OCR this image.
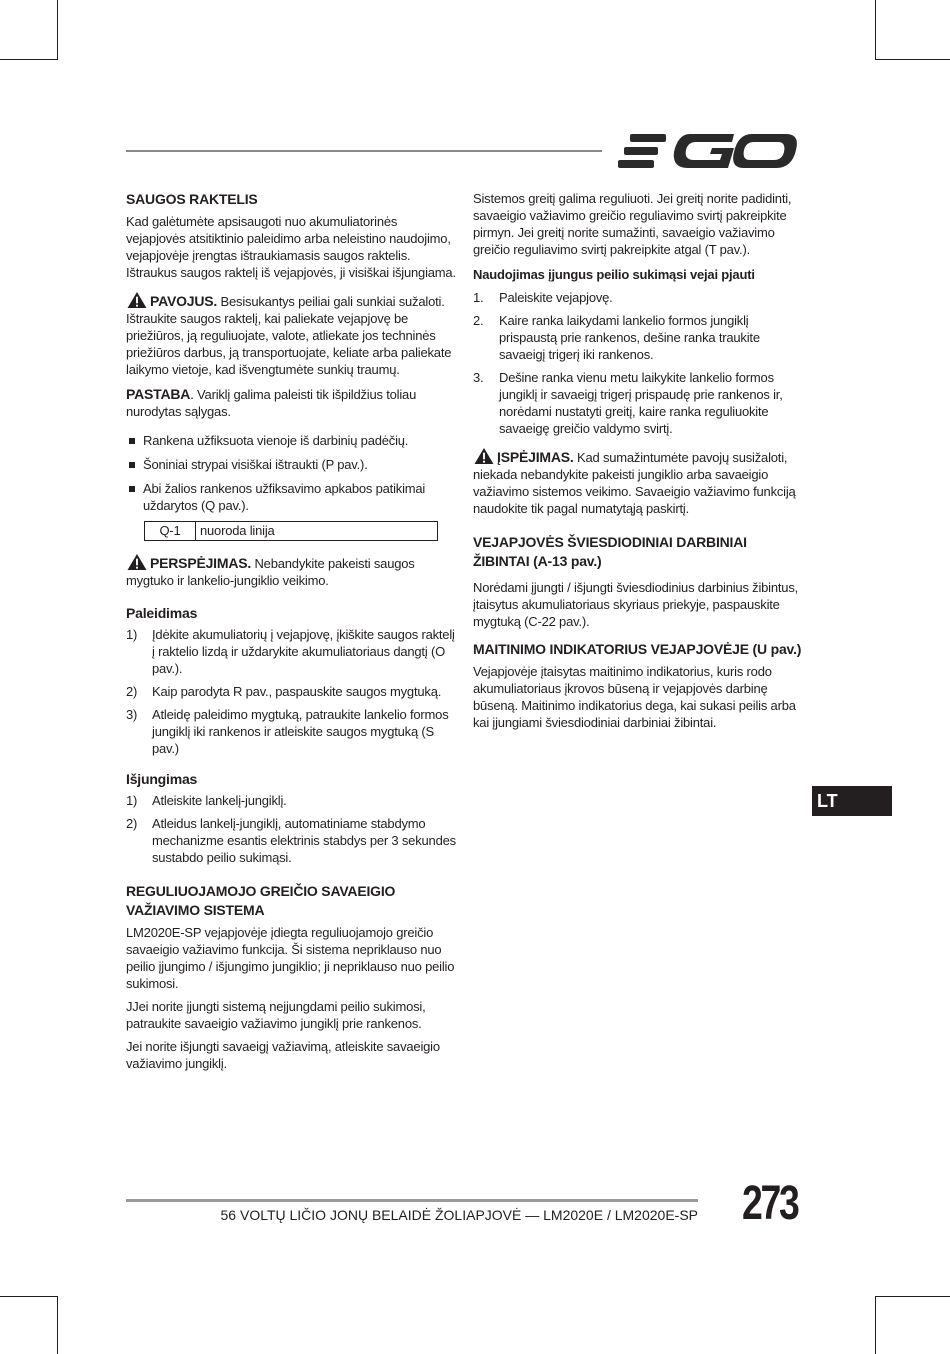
SAUGOS RAKTELIS
Kad galėtumėte apsisaugoti nuo akumuliatorinės vejapjovės atsitiktinio paleidimo arba neleistino naudojimo, vejapjovėje įrengtas ištraukiamasis saugos raktelis. Ištraukus saugos raktelį iš vejapjovės, ji visiškai išjungiama.
PAVOJUS. Besisukantys peiliai gali sunkiai sužaloti. Ištraukite saugos raktelį, kai paliekate vejapjovę be priežiūros, ją reguliuojate, valote, atliekate jos techninės priežiūros darbus, ją transportuojate, keliate arba paliekate laikymo vietoje, kad išvengtumėte sunkių traumų.
PASTABA. Variklį galima paleisti tik išpildžius toliau nurodytas sąlygas.
Rankena užfiksuota vienoje iš darbinių padėčių.
Šoniniai strypai visiškai ištraukti (P pav.).
Abi žalios rankenos užfiksavimo apkabos patikimai uždarytos (Q pav.).
Q-1	nuoroda linija
PERSPĖJIMAS. Nebandykite pakeisti saugos mygtuko ir lankelio-jungiklio veikimo.
Paleidimas
1) Įdėkite akumuliatorių į vejapjovę, įkiškite saugos raktelį į raktelio lizdą ir uždarykite akumuliatoriaus dangtį (O pav.).
2) Kaip parodyta R pav., paspauskite saugos mygtuką.
3) Atleidę paleidimo mygtuką, patraukite lankelio formos jungiklį iki rankenos ir atleiskite saugos mygtuką (S pav.)
Išjungimas
1) Atleiskite lankelį-jungiklį.
2) Atleidus lankelį-jungiklį, automatiniame stabdymo mechanizme esantis elektrinis stabdys per 3 sekundes sustabdo peilio sukimąsi.
REGULIUOJAMOJO GREIČIO SAVAEIGIO VAŽIAVIMO SISTEMA
LM2020E-SP vejapjovėje įdiegta reguliuojamojo greičio savaeigio važiavimo funkcija. Ši sistema nepriklauso nuo peilio įjungimo / išjungimo jungiklio; ji nepriklauso nuo peilio sukimosi.
JJei norite įjungti sistemą neįjungdami peilio sukimosi, patraukite savaeigio važiavimo jungiklį prie rankenos.
Jei norite išjungti savaeigį važiavimą, atleiskite savaeigio važiavimo jungiklį.
Sistemos greitį galima reguliuoti. Jei greitį norite padidinti, savaeigio važiavimo greičio reguliavimo svirtį pakreipkite pirmyn. Jei greitį norite sumažinti, savaeigio važiavimo greičio reguliavimo svirtį pakreipkite atgal (T pav.).
Naudojimas įjungus peilio sukimąsi vejai pjauti
1. Paleiskite vejapjovę.
2. Kaire ranka laikydami lankelio formos jungiklį prispaustą prie rankenos, dešine ranka traukite savaeigį trigerį iki rankenos.
3. Dešine ranka vienu metu laikykite lankelio formos jungiklį ir savaeigį trigerį prispaudę prie rankenos ir, norėdami nustatyti greitį, kaire ranka reguliuokite savaeigę greičio valdymo svirtį.
ĮSPĖJIMAS. Kad sumažintumėte pavojų susižaloti, niekada nebandykite pakeisti jungiklio arba savaeigio važiavimo sistemos veikimo. Savaeigio važiavimo funkciją naudokite tik pagal numatytąją paskirtį.
VEJAPJOVĖS ŠVIESDIODINIAI DARBINIAI ŽIBINTAI (A-13 pav.)
Norėdami įjungti / išjungti šviesdiodinius darbinius žibintus, įtaisytus akumuliatoriaus skyriaus priekyje, paspauskite mygtuką (C-22 pav.).
MAITINIMO INDIKATORIUS VEJAPJOVĖJE (U pav.)
Vejapjovėje įtaisytas maitinimo indikatorius, kuris rodo akumuliatoriaus įkrovos būseną ir vejapjovės darbinę būseną. Maitinimo indikatorius dega, kai sukasi peilis arba kai įjungiami šviesdiodiniai darbiniai žibintai.
LT
56 VOLTŲ LIČIO JONŲ BELAIDĖ ŽOLIAPJOVĖ — LM2020E / LM2020E-SP 273
